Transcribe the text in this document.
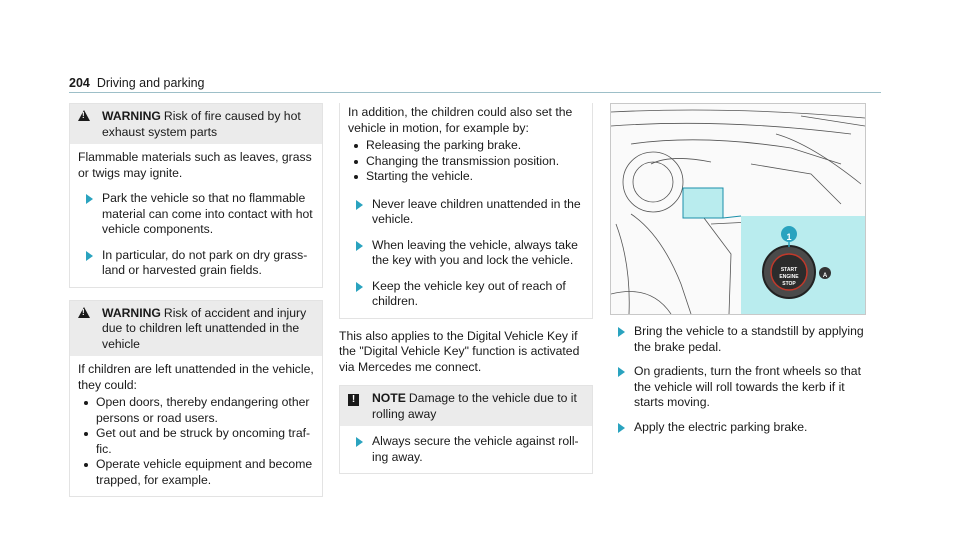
204 Driving and parking
!
WARNING Risk of fire caused by hot exhaust system parts

Flammable materials such as leaves, grass or twigs may ignite.

Park the vehicle so that no flammable material can come into contact with hot vehicle components.
In particular, do not park on dry grass-land or harvested grain fields.
!
WARNING Risk of accident and injury due to children left unattended in the vehicle

If children are left unattended in the vehicle, they could:

Open doors, thereby endangering other persons or road users.
Get out and be struck by oncoming traf-fic.
Operate vehicle equipment and become trapped, for example.

In addition, the children could also set the vehicle in motion, for example by:

Releasing the parking brake.
Changing the transmission position.
Starting the vehicle.
Never leave children unattended in the vehicle.
When leaving the vehicle, always take the key with you and lock the vehicle.
Keep the vehicle key out of reach of children.

This also applies to the Digital Vehicle Key if the "Digital Vehicle Key" function is activated via Mercedes me connect.

!	NOTE Damage to the vehicle due to it rolling away
Always secure the vehicle against roll-ing away.
1
START
ENGINE
STOP
A
Bring the vehicle to a standstill by applying the brake pedal.
On gradients, turn the front wheels so that the vehicle will roll towards the kerb if it starts moving.
Apply the electric parking brake.
